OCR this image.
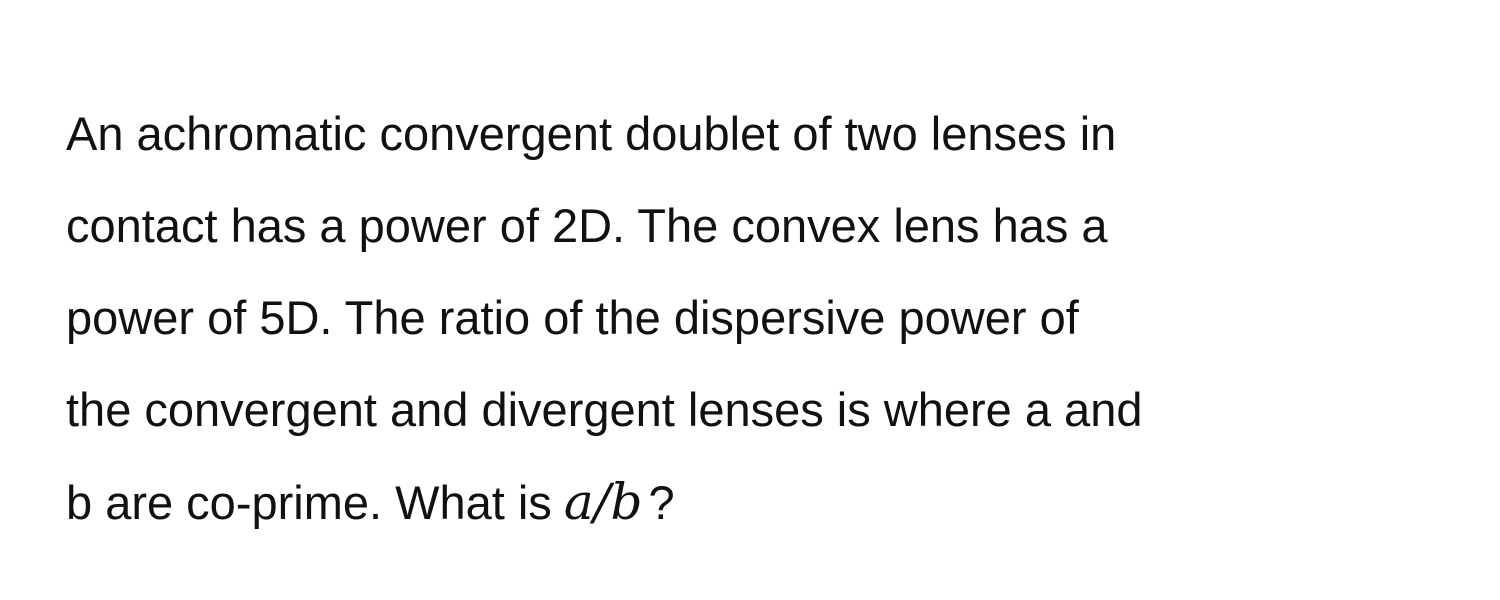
An achromatic convergent doublet of two lenses in
contact has a power of 2D. The convex lens has a
power of 5D. The ratio of the dispersive power of
the convergent and divergent lenses is where a and
b are co-prime. What is a/b ?
